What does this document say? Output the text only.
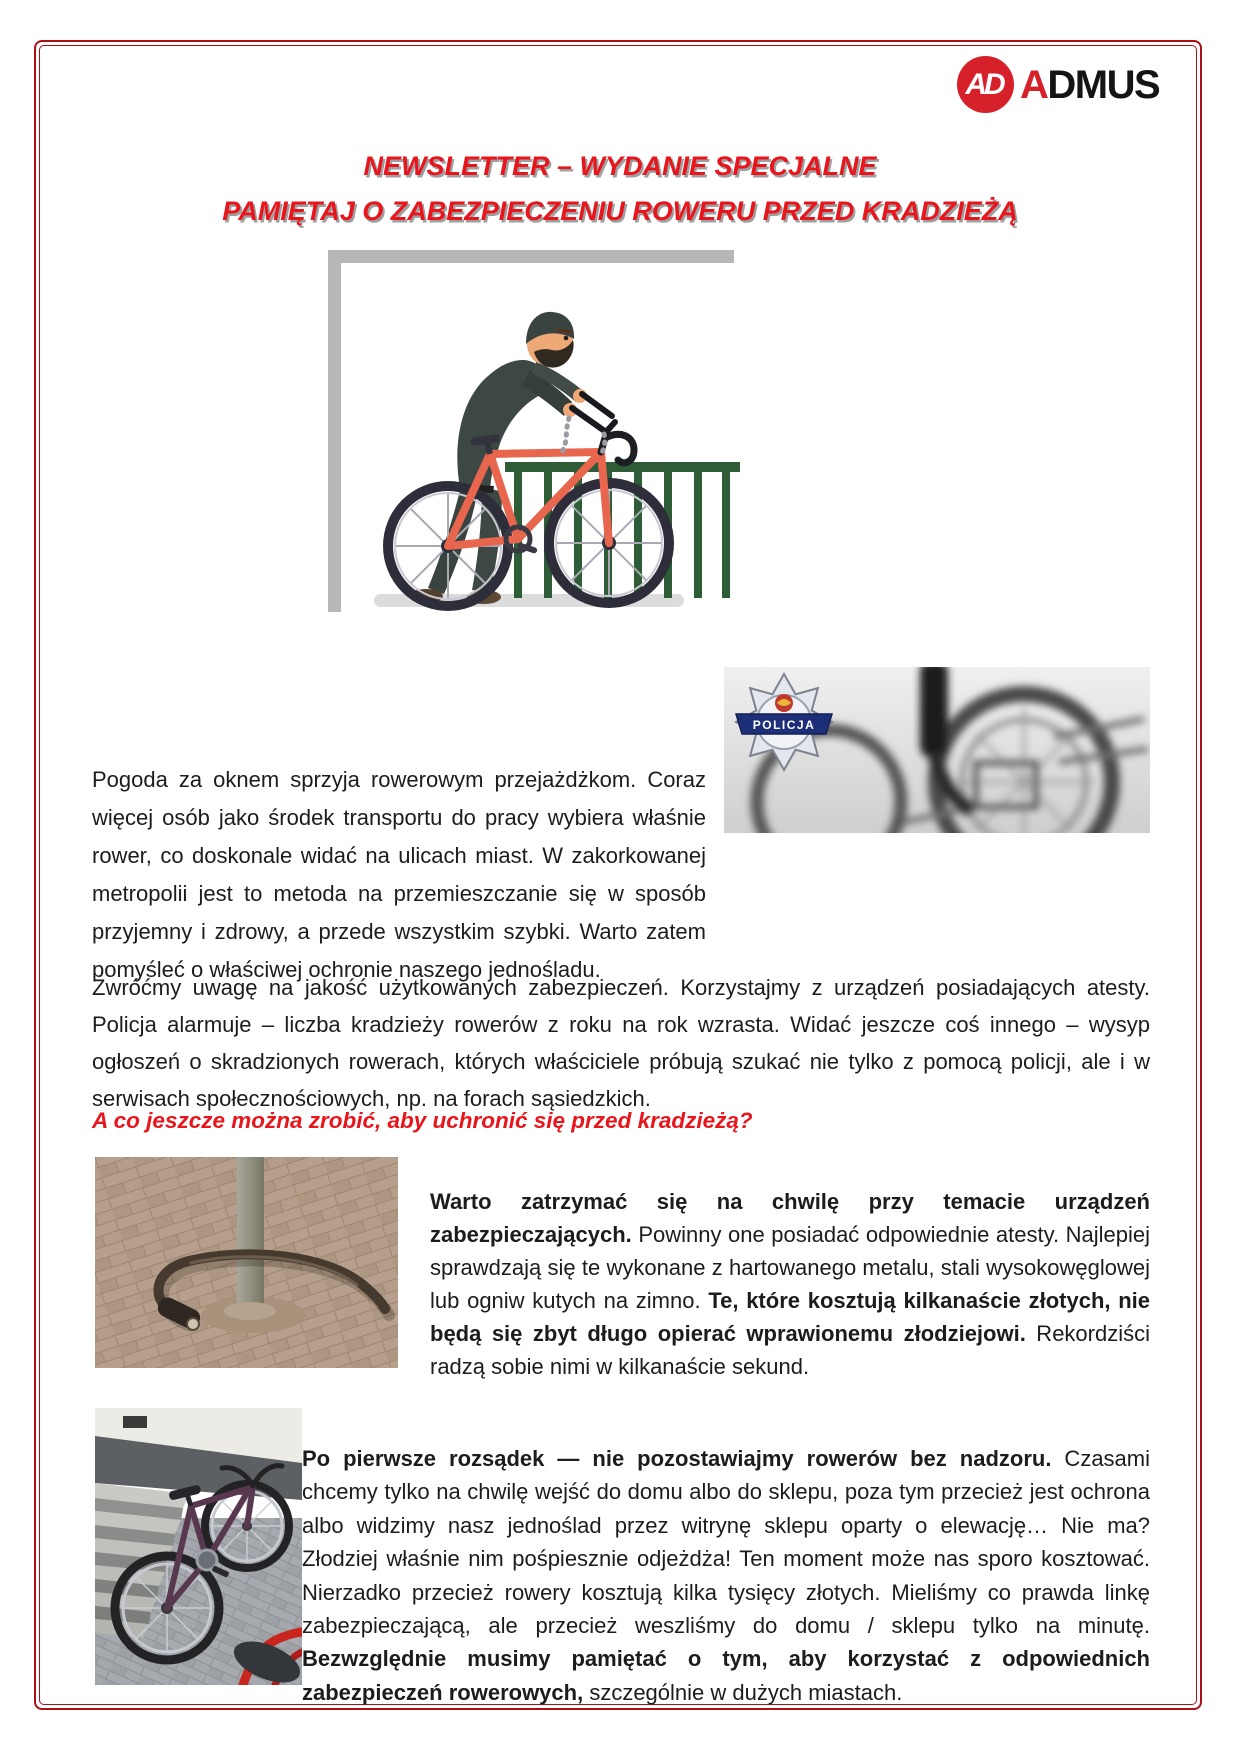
AD ADMUS
NEWSLETTER – WYDANIE SPECJALNE
PAMIĘTAJ O ZABEZPIECZENIU ROWERU PRZED KRADZIEŻĄ

Pogoda za oknem sprzyja rowerowym przejażdżkom. Coraz więcej osób jako środek transportu do pracy wybiera właśnie rower, co doskonale widać na ulicach miast. W zakorkowanej metropolii jest to metoda na przemieszczanie się w sposób przyjemny i zdrowy, a przede wszystkim szybki. Warto zatem pomyśleć o właściwej ochronie naszego jednośladu.

POLICJA

Zwróćmy uwagę na jakość użytkowanych zabezpieczeń. Korzystajmy z urządzeń posiadających atesty. Policja alarmuje – liczba kradzieży rowerów z roku na rok wzrasta. Widać jeszcze coś innego – wysyp ogłoszeń o skradzionych rowerach, których właściciele próbują szukać nie tylko z pomocą policji, ale i w serwisach społecznościowych, np. na forach sąsiedzkich.

A co jeszcze można zrobić, aby uchronić się przed kradzieżą?

Warto zatrzymać się na chwilę przy temacie urządzeń zabezpieczających. Powinny one posiadać odpowiednie atesty. Najlepiej sprawdzają się te wykonane z hartowanego metalu, stali wysokowęglowej lub ogniw kutych na zimno. Te, które kosztują kilkanaście złotych, nie będą się zbyt długo opierać wprawionemu złodziejowi. Rekordziści radzą sobie nimi w kilkanaście sekund.

Po pierwsze rozsądek — nie pozostawiajmy rowerów bez nadzoru. Czasami chcemy tylko na chwilę wejść do domu albo do sklepu, poza tym przecież jest ochrona albo widzimy nasz jednoślad przez witrynę sklepu oparty o elewację… Nie ma? Złodziej właśnie nim pośpiesznie odjeżdża! Ten moment może nas sporo kosztować. Nierzadko przecież rowery kosztują kilka tysięcy złotych. Mieliśmy co prawda linkę zabezpieczającą, ale przecież weszliśmy do domu / sklepu tylko na minutę. Bezwzględnie musimy pamiętać o tym, aby korzystać z odpowiednich zabezpieczeń rowerowych, szczególnie w dużych miastach.
